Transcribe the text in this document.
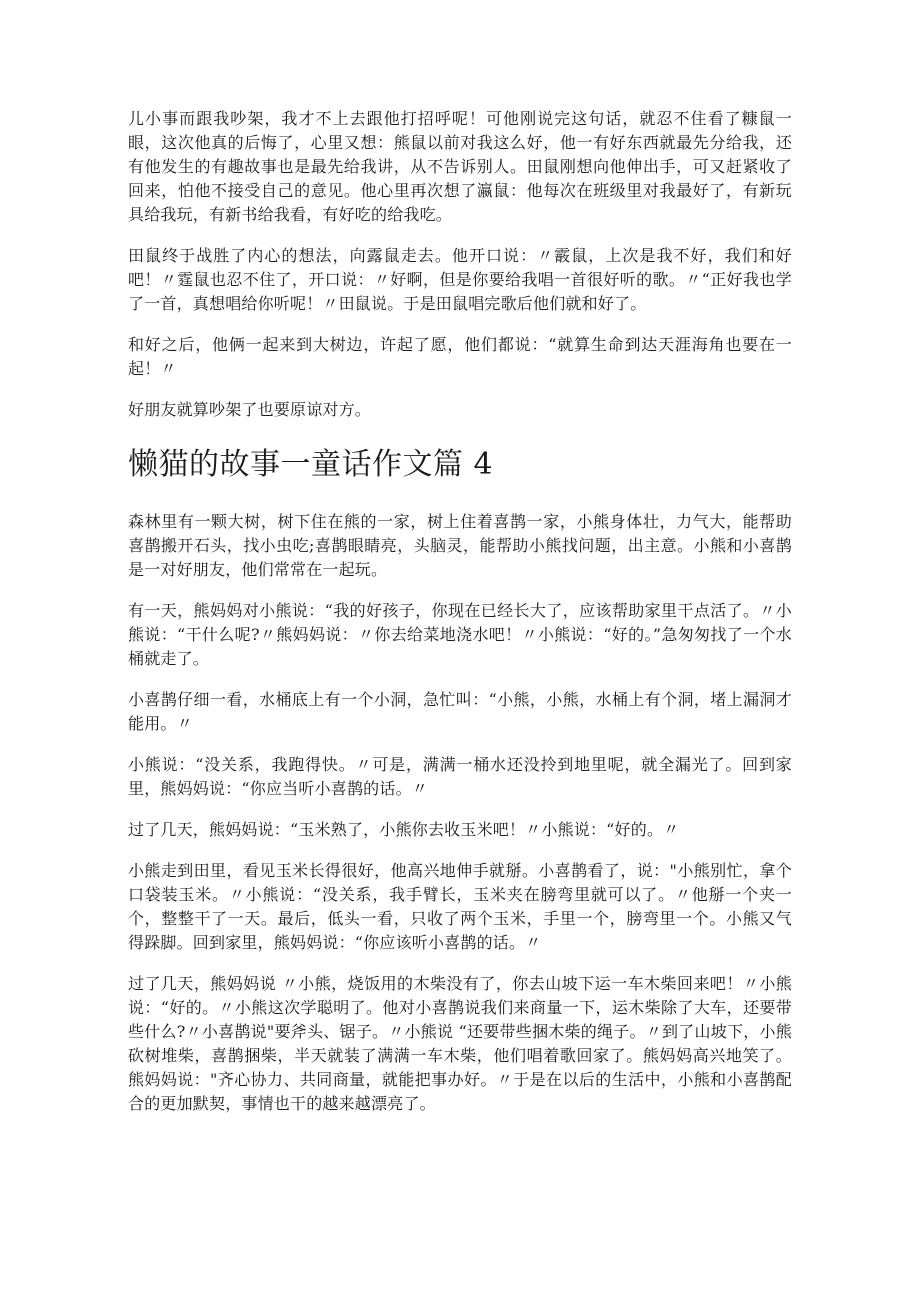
儿小事而跟我吵架，我才不上去跟他打招呼呢！可他刚说完这句话，就忍不住看了糠鼠一眼，这次他真的后悔了，心里又想：熊鼠以前对我这么好，他一有好东西就最先分给我，还有他发生的有趣故事也是最先给我讲，从不告诉别人。田鼠刚想向他伸出手，可又赶紧收了回来，怕他不接受自己的意见。他心里再次想了瀛鼠：他每次在班级里对我最好了，有新玩具给我玩，有新书给我看，有好吃的给我吃。

田鼠终于战胜了内心的想法，向露鼠走去。他开口说：〃霰鼠，上次是我不好，我们和好吧！〃霆鼠也忍不住了，开口说：〃好啊，但是你要给我唱一首很好听的歌。〃“正好我也学了一首，真想唱给你听呢！〃田鼠说。于是田鼠唱完歌后他们就和好了。

和好之后，他俩一起来到大树边，许起了愿，他们都说：“就算生命到达天涯海角也要在一起！〃

好朋友就算吵架了也要原谅对方。

懒猫的故事一童话作文篇 4

森林里有一颗大树，树下住在熊的一家，树上住着喜鹊一家，小熊身体壮，力气大，能帮助喜鹊搬开石头，找小虫吃;喜鹊眼睛亮，头脑灵，能帮助小熊找问题，出主意。小熊和小喜鹊是一对好朋友，他们常常在一起玩。

有一天，熊妈妈对小熊说：“我的好孩子，你现在已经长大了，应该帮助家里干点活了。〃小熊说：“干什么呢?〃熊妈妈说：〃你去给菜地浇水吧！〃小熊说：“好的。”急匆匆找了一个水桶就走了。

小喜鹊仔细一看，水桶底上有一个小洞，急忙叫：“小熊，小熊，水桶上有个洞，堵上漏洞才能用。〃

小熊说：“没关系，我跑得快。〃可是，满满一桶水还没拎到地里呢，就全漏光了。回到家里，熊妈妈说：“你应当听小喜鹊的话。〃

过了几天，熊妈妈说：“玉米熟了，小熊你去收玉米吧！〃小熊说：“好的。〃

小熊走到田里，看见玉米长得很好，他高兴地伸手就掰。小喜鹊看了，说："小熊别忙，拿个口袋装玉米。〃小熊说：“没关系，我手臂长，玉米夹在膀弯里就可以了。〃他掰一个夹一个，整整干了一天。最后，低头一看，只收了两个玉米，手里一个，膀弯里一个。小熊又气得跺脚。回到家里，熊妈妈说：“你应该听小喜鹊的话。〃

过了几天，熊妈妈说 〃小熊，烧饭用的木柴没有了，你去山坡下运一车木柴回来吧！〃小熊说：“好的。〃小熊这次学聪明了。他对小喜鹊说我们来商量一下，运木柴除了大车，还要带些什么?〃小喜鹊说"要斧头、锯子。〃小熊说 “还要带些捆木柴的绳子。〃到了山坡下，小熊砍树堆柴，喜鹊捆柴，半天就装了满满一车木柴，他们唱着歌回家了。熊妈妈高兴地笑了。熊妈妈说："齐心协力、共同商量，就能把事办好。〃于是在以后的生活中，小熊和小喜鹊配合的更加默契，事情也干的越来越漂亮了。
